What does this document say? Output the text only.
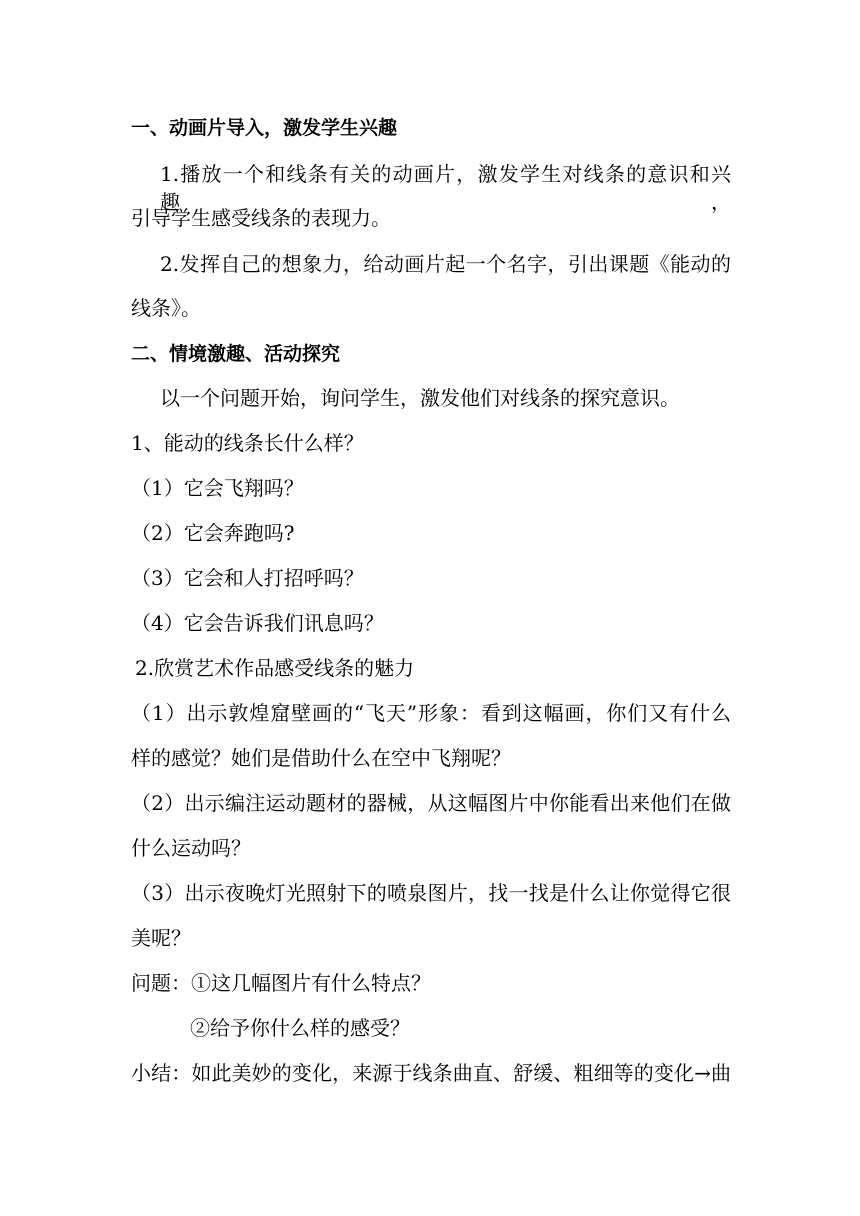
一、动画片导入，激发学生兴趣
1.播放一个和线条有关的动画片，激发学生对线条的意识和兴趣，
引导学生感受线条的表现力。
2.发挥自己的想象力，给动画片起一个名字，引出课题《能动的
线条》。
二、情境激趣、活动探究
以一个问题开始，询问学生，激发他们对线条的探究意识。
1、能动的线条长什么样？
（1）它会飞翔吗？
（2）它会奔跑吗?
（3）它会和人打招呼吗？
（4）它会告诉我们讯息吗？
2.欣赏艺术作品感受线条的魅力
（1）出示敦煌窟壁画的“飞天”形象：看到这幅画，你们又有什么
样的感觉？她们是借助什么在空中飞翔呢？
（2）出示编注运动题材的器械，从这幅图片中你能看出来他们在做
什么运动吗？
（3）出示夜晚灯光照射下的喷泉图片，找一找是什么让你觉得它很
美呢？
问题：①这几幅图片有什么特点？
②给予你什么样的感受？
小结：如此美妙的变化，来源于线条曲直、舒缓、粗细等的变化→曲
